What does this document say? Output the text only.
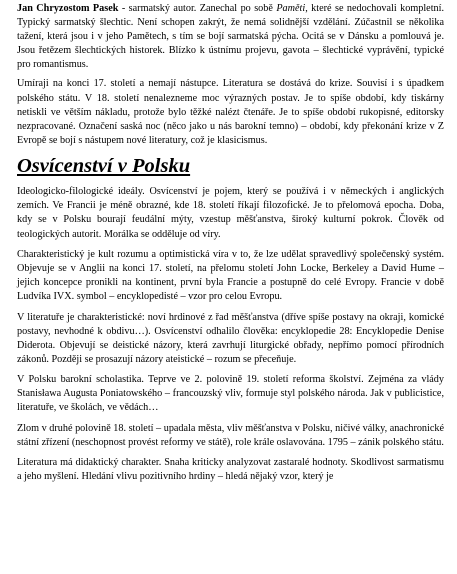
Jan Chryzostom Pasek - sarmatský autor. Zanechal po sobě Paměti, které se nedochovali kompletní. Typický sarmatský šlechtic. Není schopen zakrýt, že nemá solidnější vzdělání. Zúčastnil se několika tažení, která jsou i v jeho Pamětech, s tím se bojí sarmatská pýcha. Ocitá se v Dánsku a pomlouvá je. Jsou řetězem šlechtických historek. Blízko k ústnímu projevu, gavota – šlechtické vyprávění, typické pro romantismus.

Umíraji na konci 17. století a nemají nástupce. Literatura se dostává do krize. Souvisí i s úpadkem polského státu. V 18. století nenalezneme moc výrazných postav. Je to spíše období, kdy tiskárny netiskli ve větším nákladu, protože bylo těžké nalézt čtenáře. Je to spíše období rukopisné, editorsky nezpracované. Označení saská noc (něco jako u nás barokní temno) – období, kdy překonání krize v Z Evropě se bojí s nástupem nové literatury, což je klasicismus.

Osvícenství v Polsku

Ideologicko-filologické ideály. Osvícenství je pojem, který se používá i v německých i anglických zemích. Ve Francii je méně obrazné, kde 18. století říkají filozofické. Je to přelomová epocha. Doba, kdy se v Polsku bourají feudální mýty, vzestup měšťanstva, široký kulturní pokrok. Člověk od teologických autorit. Morálka se odděluje od víry.

Charakteristický je kult rozumu a optimistická víra v to, že lze udělat spravedlivý společenský systém. Objevuje se v Anglii na konci 17. století, na přelomu století John Locke, Berkeley a David Hume – jejich koncepce pronikli na kontinent, první byla Francie a postupně do celé Evropy. Francie v době Ludvíka IVX. symbol – encyklopedisté – vzor pro celou Evropu.

V literatuře je charakteristické: noví hrdinové z řad měšťanstva (dříve spíše postavy na okraji, komické postavy, nevhodné k obdivu…). Osvícenství odhalilo člověka: encyklopedie 28: Encyklopedie Denise Diderota. Objevují se deistické názory, která zavrhují liturgické obřady, nepřímo pomocí přírodních zákonů. Později se prosazují názory ateistické – rozum se přeceňuje.

V Polsku barokní scholastika. Teprve ve 2. polovině 19. století reforma školství. Zejména za vlády Stanisława Augusta Poniatowského – francouzský vliv, formuje styl polského národa. Jak v publicistice, literatuře, ve školách, ve vědách…

Zlom v druhé polovině 18. století – upadala města, vliv měšťanstva v Polsku, ničivé války, anachronické státní zřízení (neschopnost provést reformy ve státě), role krále oslavována. 1795 – zánik polského státu.

Literatura má didaktický charakter. Snaha kriticky analyzovat zastaralé hodnoty. Skodlivost sarmatismu a jeho myšlení. Hledání vlivu pozitivního hrdiny – hledá nějaký vzor, který je
